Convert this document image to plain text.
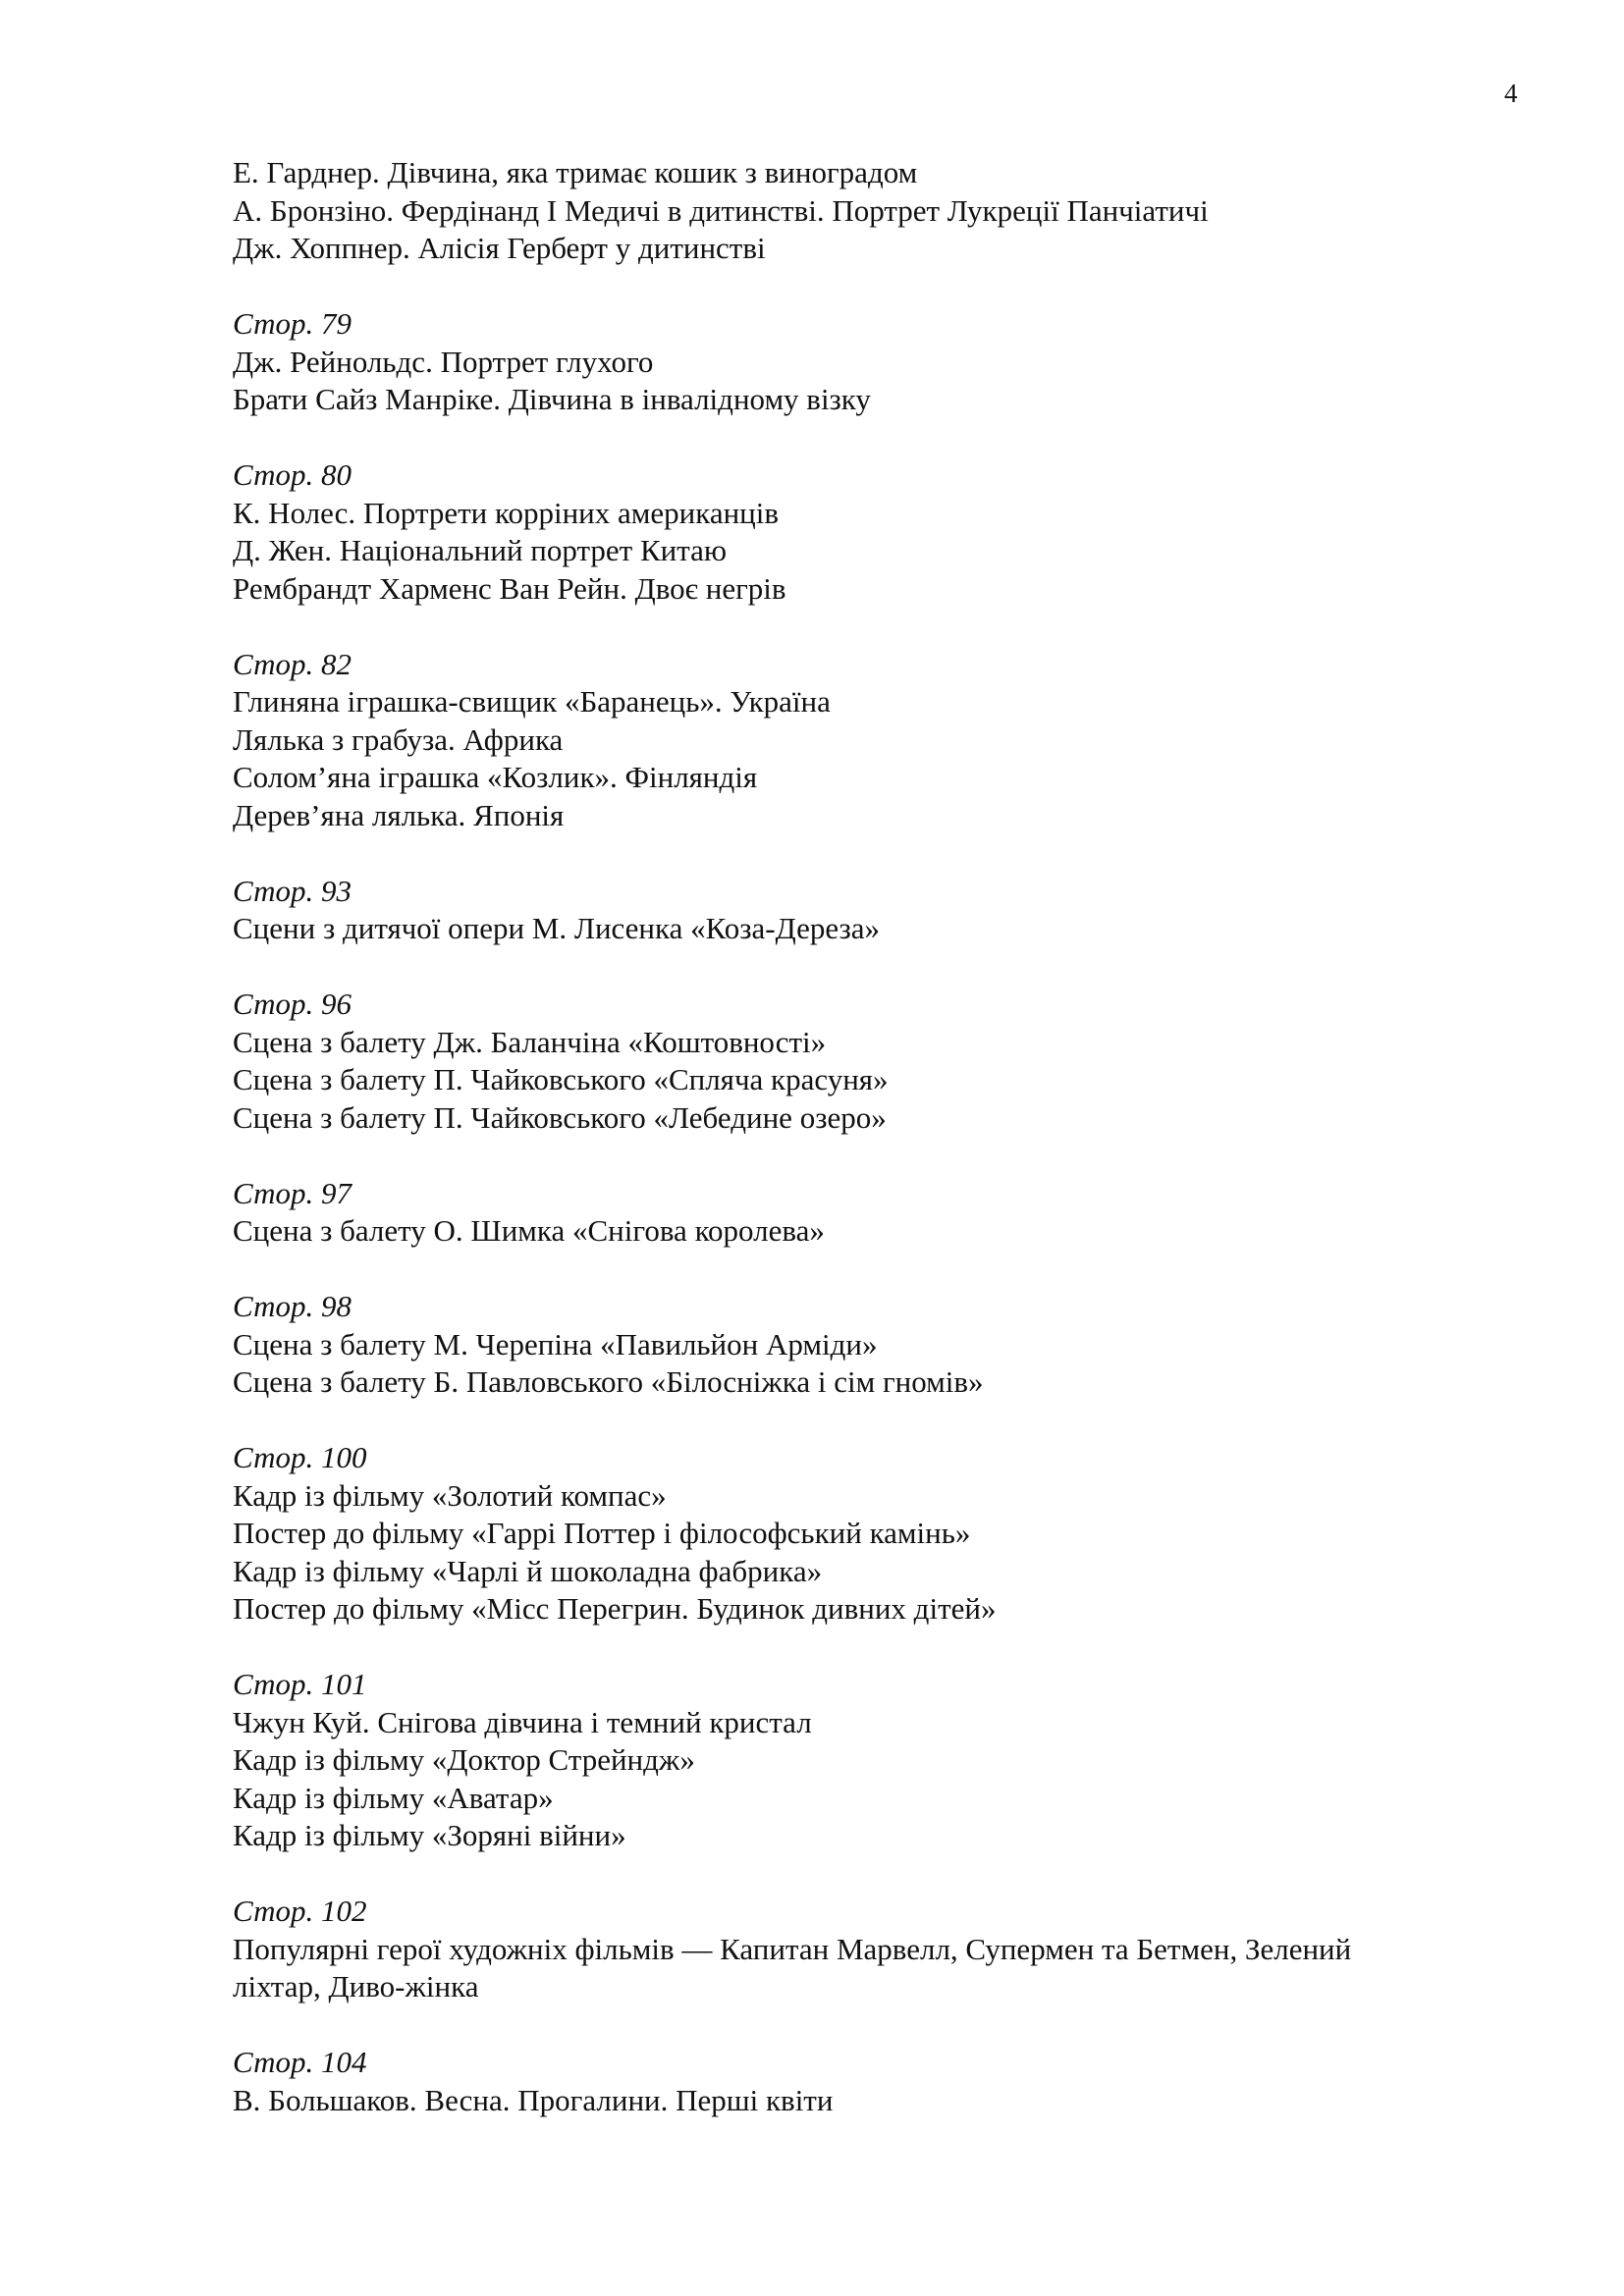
4
Е. Гарднер. Дівчина, яка тримає кошик з виноградом
А. Бронзіно. Фердінанд I Медичі в дитинстві. Портрет Лукреції Панчіатичі
Дж. Хоппнер. Алісія Герберт у дитинстві
Стор. 79
Дж. Рейнольдс. Портрет глухого
Брати Сайз Манріке. Дівчина в інвалідному візку
Стор. 80
К. Нолес. Портрети корріних американців
Д. Жен. Національний портрет Китаю
Рембрандт Харменс Ван Рейн. Двоє негрів
Стор. 82
Глиняна іграшка-свищик «Баранець». Україна
Лялька з грабуза. Африка
Солом’яна іграшка «Козлик». Фінляндія
Дерев’яна лялька. Японія
Стор. 93
Сцени з дитячої опери М. Лисенка «Коза-Дереза»
Стор. 96
Сцена з балету Дж. Баланчіна «Коштовності»
Сцена з балету П. Чайковського «Спляча красуня»
Сцена з балету П. Чайковського «Лебедине озеро»
Стор. 97
Сцена з балету О. Шимка «Снігова королева»
Стор. 98
Сцена з балету М. Черепіна «Павильйон Арміди»
Сцена з балету Б. Павловського «Білосніжка і сім гномів»
Стор. 100
Кадр із фільму «Золотий компас»
Постер до фільму «Гаррі Поттер і філософський камінь»
Кадр із фільму «Чарлі й шоколадна фабрика»
Постер до фільму «Місс Перегрин. Будинок дивних дітей»
Стор. 101
Чжун Куй. Снігова дівчина і темний кристал
Кадр із фільму «Доктор Стрейндж»
Кадр із фільму «Аватар»
Кадр із фільму «Зоряні війни»
Стор. 102
Популярні герої художніх фільмів — Капитан Марвелл, Супермен та Бетмен, Зелений
ліхтар, Диво-жінка
Стор. 104
В. Большаков. Весна. Прогалини. Перші квіти
